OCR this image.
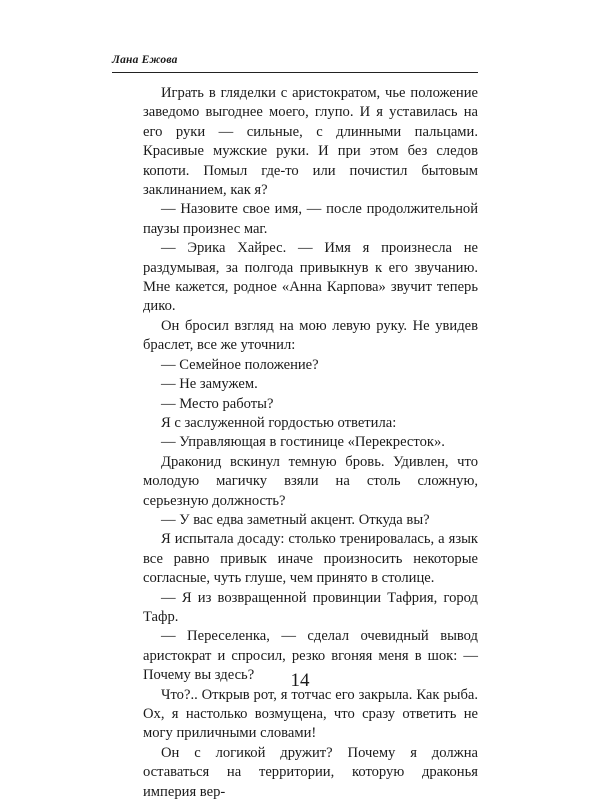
Лана Ежова

Играть в гляделки с аристократом, чье положение заведомо выгоднее моего, глупо. И я уставилась на его руки — сильные, с длинными пальцами. Красивые мужские руки. И при этом без следов копоти. Помыл где-то или почистил бытовым заклинанием, как я?

— Назовите свое имя, — после продолжительной паузы произнес маг.

— Эрика Хайрес. — Имя я произнесла не раздумывая, за полгода привыкнув к его звучанию. Мне кажется, родное «Анна Карпова» звучит теперь дико.

Он бросил взгляд на мою левую руку. Не увидев браслет, все же уточнил:

— Семейное положение?

— Не замужем.

— Место работы?

Я с заслуженной гордостью ответила:

— Управляющая в гостинице «Перекресток».

Драконид вскинул темную бровь. Удивлен, что молодую магичку взяли на столь сложную, серьезную должность?

— У вас едва заметный акцент. Откуда вы?

Я испытала досаду: столько тренировалась, а язык все равно привык иначе произносить некоторые согласные, чуть глуше, чем принято в столице.

— Я из возвращенной провинции Тафрия, город Тафр.

— Переселенка, — сделал очевидный вывод аристократ и спросил, резко вгоняя меня в шок: — Почему вы здесь?

Что?.. Открыв рот, я тотчас его закрыла. Как рыба. Ох, я настолько возмущена, что сразу ответить не могу приличными словами!

Он с логикой дружит? Почему я должна оставаться на территории, которую драконья империя вер-

14
